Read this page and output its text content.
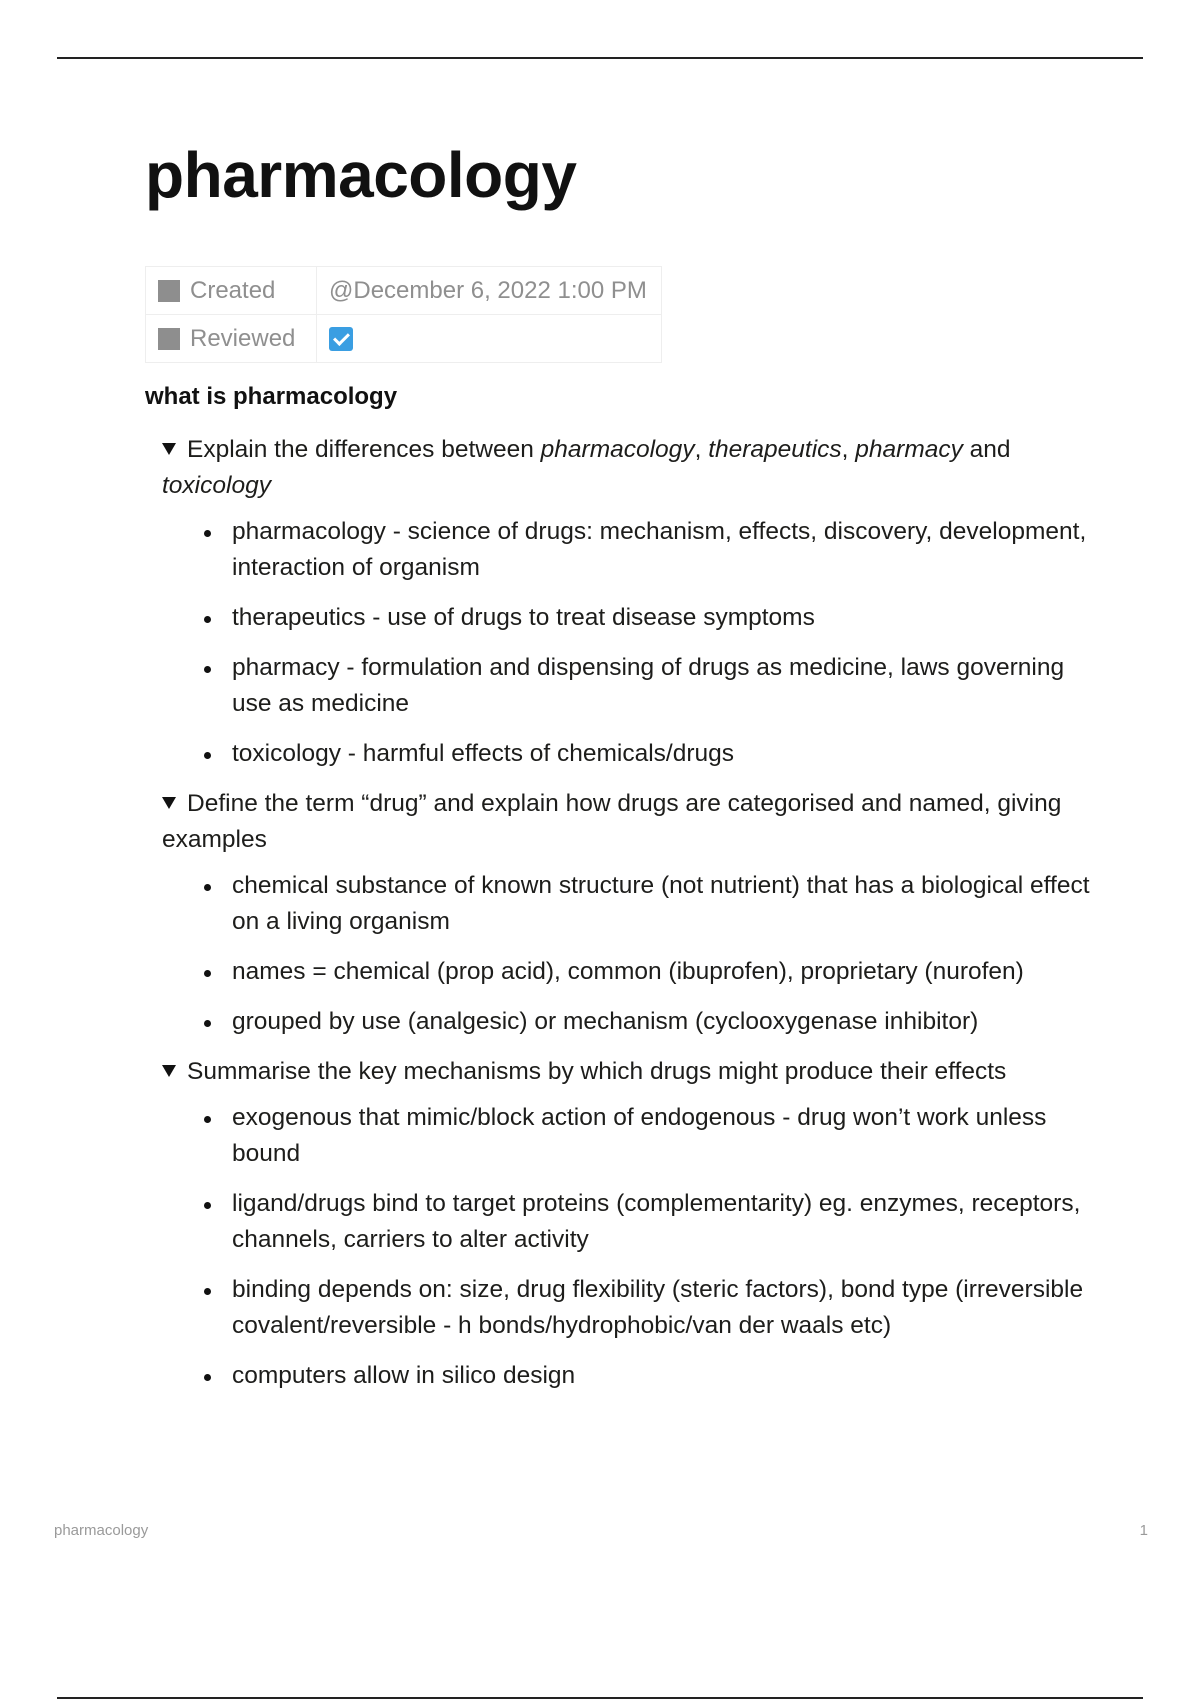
pharmacology
Created	@December 6, 2022 1:00 PM
Reviewed	
what is pharmacology

Explain the differences between pharmacology, therapeutics, pharmacy and toxicology

pharmacology - science of drugs: mechanism, effects, discovery, development, interaction of organism
therapeutics - use of drugs to treat disease symptoms
pharmacy - formulation and dispensing of drugs as medicine, laws governing use as medicine
toxicology - harmful effects of chemicals/drugs

Define the term “drug” and explain how drugs are categorised and named, giving examples

chemical substance of known structure (not nutrient) that has a biological effect on a living organism
names = chemical (prop acid), common (ibuprofen), proprietary (nurofen)
grouped by use (analgesic) or mechanism (cyclooxygenase inhibitor)

Summarise the key mechanisms by which drugs might produce their effects

exogenous that mimic/block action of endogenous - drug won’t work unless bound
ligand/drugs bind to target proteins (complementarity) eg. enzymes, receptors, channels, carriers to alter activity
binding depends on: size, drug flexibility (steric factors), bond type (irreversible covalent/reversible - h bonds/hydrophobic/van der waals etc)
computers allow in silico design
pharmacology	1
